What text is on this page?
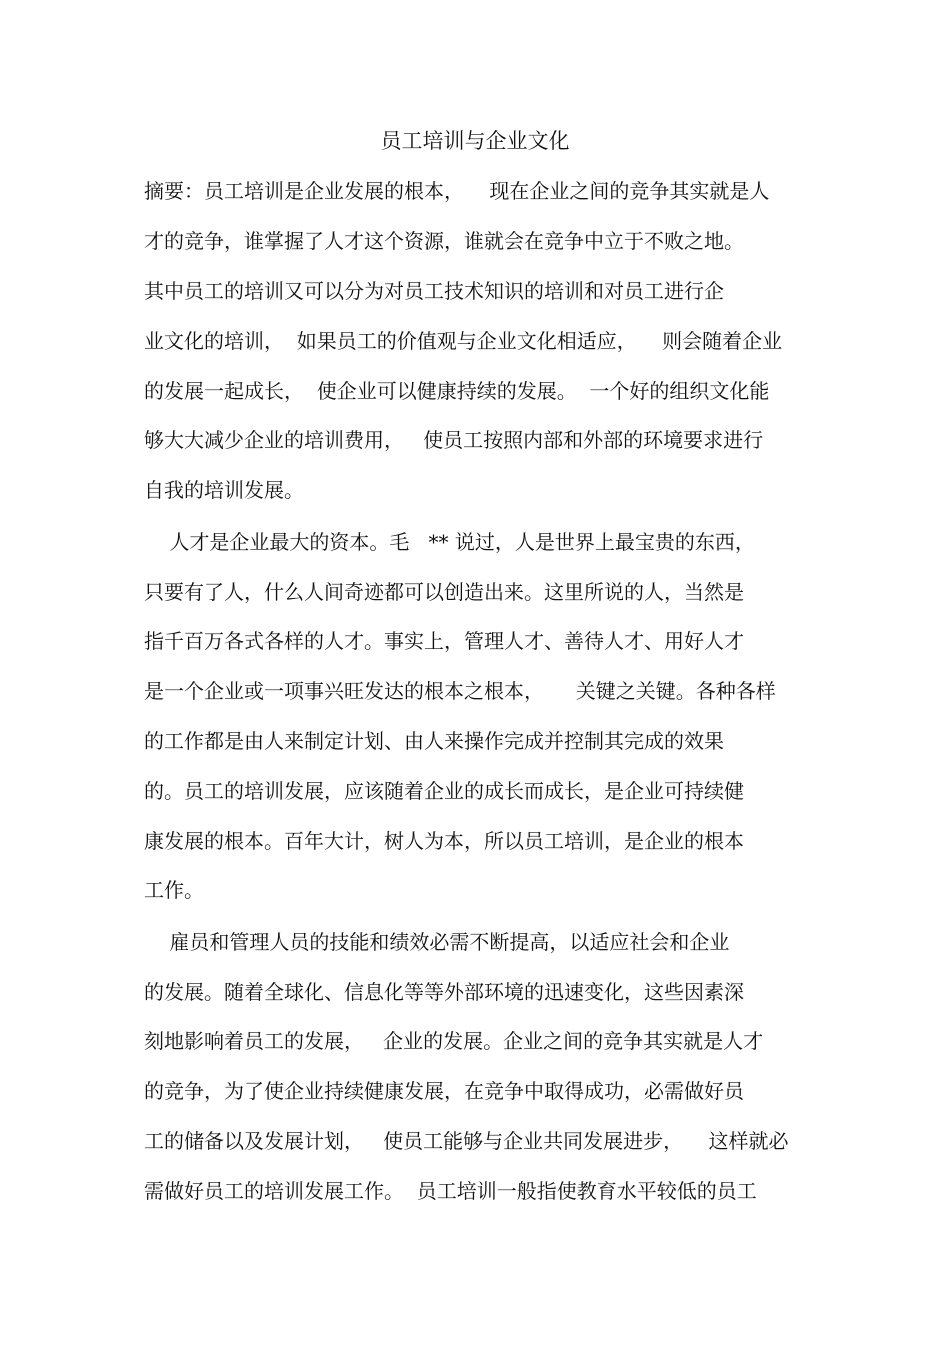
员工培训与企业文化
摘要：员工培训是企业发展的根本，    现在企业之间的竞争其实就是人
才的竞争，谁掌握了人才这个资源，谁就会在竞争中立于不败之地。
其中员工的培训又可以分为对员工技术知识的培训和对员工进行企
业文化的培训，  如果员工的价值观与企业文化相适应，    则会随着企业
的发展一起成长，  使企业可以健康持续的发展。  一个好的组织文化能
够大大减少企业的培训费用，   使员工按照内部和外部的环境要求进行
自我的培训发展。
人才是企业最大的资本。毛   ** 说过，人是世界上最宝贵的东西，
只要有了人，什么人间奇迹都可以创造出来。这里所说的人，当然是
指千百万各式各样的人才。事实上，管理人才、善待人才、用好人才
是一个企业或一项事兴旺发达的根本之根本，     关键之关键。各种各样
的工作都是由人来制定计划、由人来操作完成并控制其完成的效果
的。员工的培训发展，应该随着企业的成长而成长，是企业可持续健
康发展的根本。百年大计，树人为本，所以员工培训，是企业的根本
工作。
雇员和管理人员的技能和绩效必需不断提高，以适应社会和企业
的发展。随着全球化、信息化等等外部环境的迅速变化，这些因素深
刻地影响着员工的发展，   企业的发展。企业之间的竞争其实就是人才
的竞争，为了使企业持续健康发展，在竞争中取得成功，必需做好员
工的储备以及发展计划，   使员工能够与企业共同发展进步，    这样就必
需做好员工的培训发展工作。  员工培训一般指使教育水平较低的员工
